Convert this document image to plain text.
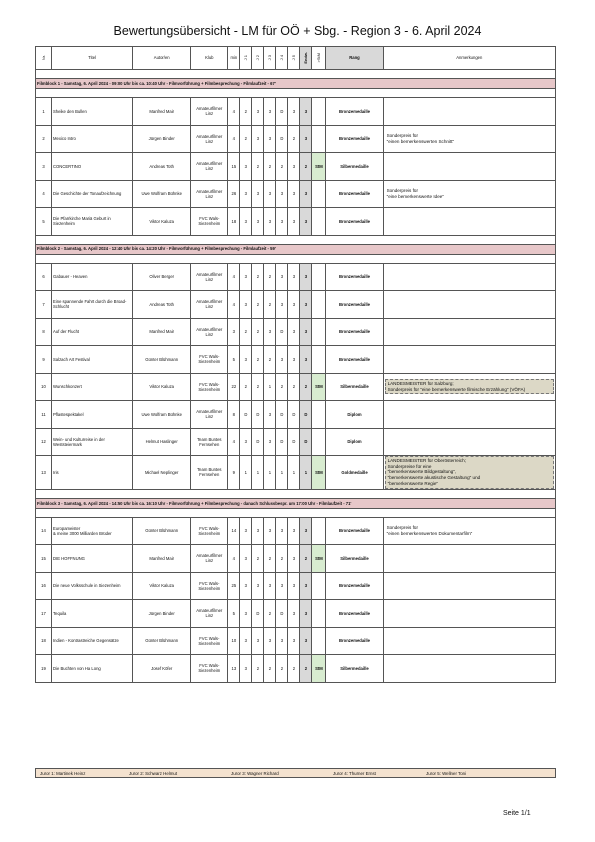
Bewertungsübersicht - LM für OÖ + Sbg. - Region 3 - 6. April 2024
Nr.	Titel	Autor/en	Klub	min	J 1	J 2	J 3	J 4	J 5	Endw.	>StM	Rang	Anmerkungen

Filmblock 1 - Samstag, 6. April 2024 - 09:00 Uhr bis ca. 10:40 Uhr - Filmvorführung + Filmbesprechung - Filmlaufzeit - 67'													

1	Sheike den Bullen	Manfred Mair	Amateurfilmer Linz	4	2	3	3	D	3	3		Bronzemedaille	
2	Mexico Intro	Jürgen Binder	Amateurfilmer Linz	4	2	3	3	D	2	3		Bronzemedaille	Sonderpreis für
"einen bemerkenswerten Schnitt"

3	CONCERTINO	Andreas Toth	Amateurfilmer Linz	15	3	2	2	2	3	2	StM	Silbermedaille	
4	Die Geschichte der Tonaufzeichnung	Uwe Wolfram Bühnke	Amateurfilmer Linz	26	3	3	3	3	3	3		Bronzemedaille	Sonderpreis für
"eine bemerkenswerte Idee"

5	Die Pfarrkirche Mariä Geburt in Siezenheim	Viktor Kaluza	FVC Wals-Siezenheim	18	3	3	3	3	3	3		Bronzemedaille	

Filmblock 2 - Samstag, 6. April 2024 - 12:40 Uhr bis ca. 14:20 Uhr - Filmvorführung + Filmbesprechung - Filmlaufzeit - 59'													

6	Gabauer - Heaven	Oliver Berger	Amateurfilmer Linz	4	3	2	2	3	3	3		Bronzemedaille	
7	Eine spannende Fahrt durch die Broad-Schlucht	Andreas Toth	Amateurfilmer Linz	4	3	2	2	3	3	3		Bronzemedaille	
8	Auf der Flucht	Manfred Mair	Amateurfilmer Linz	3	2	2	3	D	3	3		Bronzemedaille	
9	Salzach Art Festival	Günter Blühmann	FVC Wals-Siezenheim	5	3	2	2	3	3	3		Bronzemedaille	
10	Wunschkonzert	Viktor Kaluza	FVC Wals-Siezenheim	22	2	2	1	2	2	2	StM	Silbermedaille	LANDESMEISTER für Salzburg;
Sonderpreis für "eine bemerkenswerte filmische Erzählung" (VÖFA)

11	Pflastespektakel	Uwe Wolfram Bühnke	Amateurfilmer Linz	8	D	D	3	D	D	D		Diplom	
12	Wein- und Kulturreise in der Weststeiermark	Helmut Haslinger	Team Buntes Fernsehen	4	3	D	3	D	D	D		Diplom	
13	Iris	Michael Neplinger	Team Buntes Fernsehen	9	1	1	1	1	1	1	StM	Goldmedaille	LANDESMEISTER für Oberösterreich;
Sonderpreise für eine
"bemerkenswerte Bildgestaltung",
"bemerkenswerte akustische Gestaltung" und
"bemerkenswerte Regie"

Filmblock 3 - Samstag, 6. April 2024 - 14:50 Uhr bis ca. 16:10 Uhr - Filmvorführung + Filmbesprechung - danach Schlussbespr. um 17:00 Uhr - Filmlaufzeit - 71'													

14	Europameister
& meine 3000 Milliarden Brüder	Günter Blühmann	FVC Wals-Siezenheim	14	3	3	3	3	3	3		Bronzemedaille	Sonderpreis für
"einen bemerkenswerten Dokumentarfilm"

15	DIE HOFFNUNG	Manfred Mair	Amateurfilmer Linz	4	3	2	2	2	3	2	StM	Silbermedaille	
16	Die neue Volksschule in Siezenheim	Viktor Kaluza	FVC Wals-Siezenheim	25	3	3	3	3	3	3		Bronzemedaille	
17	Tequila	Jürgen Binder	Amateurfilmer Linz	5	3	D	2	D	3	3		Bronzemedaille	
18	Indien - Kontrastreiche Gegensätze	Günter Blühmann	FVC Wals-Siezenheim	10	3	3	3	3	3	3		Bronzemedaille	
19	Die Buchten von Ha Long	Josef Köfer	FVC Wals-Siezenheim	13	3	2	2	2	2	2	StM	Silbermedaille	
Juror 1: Martinek Heinz	Juror 2: Schwarz Helmut	Juror 3: Wagner Richard	Juror 4: Thurner Ernst	Juror 5: Wellner Toni
Seite 1/1
